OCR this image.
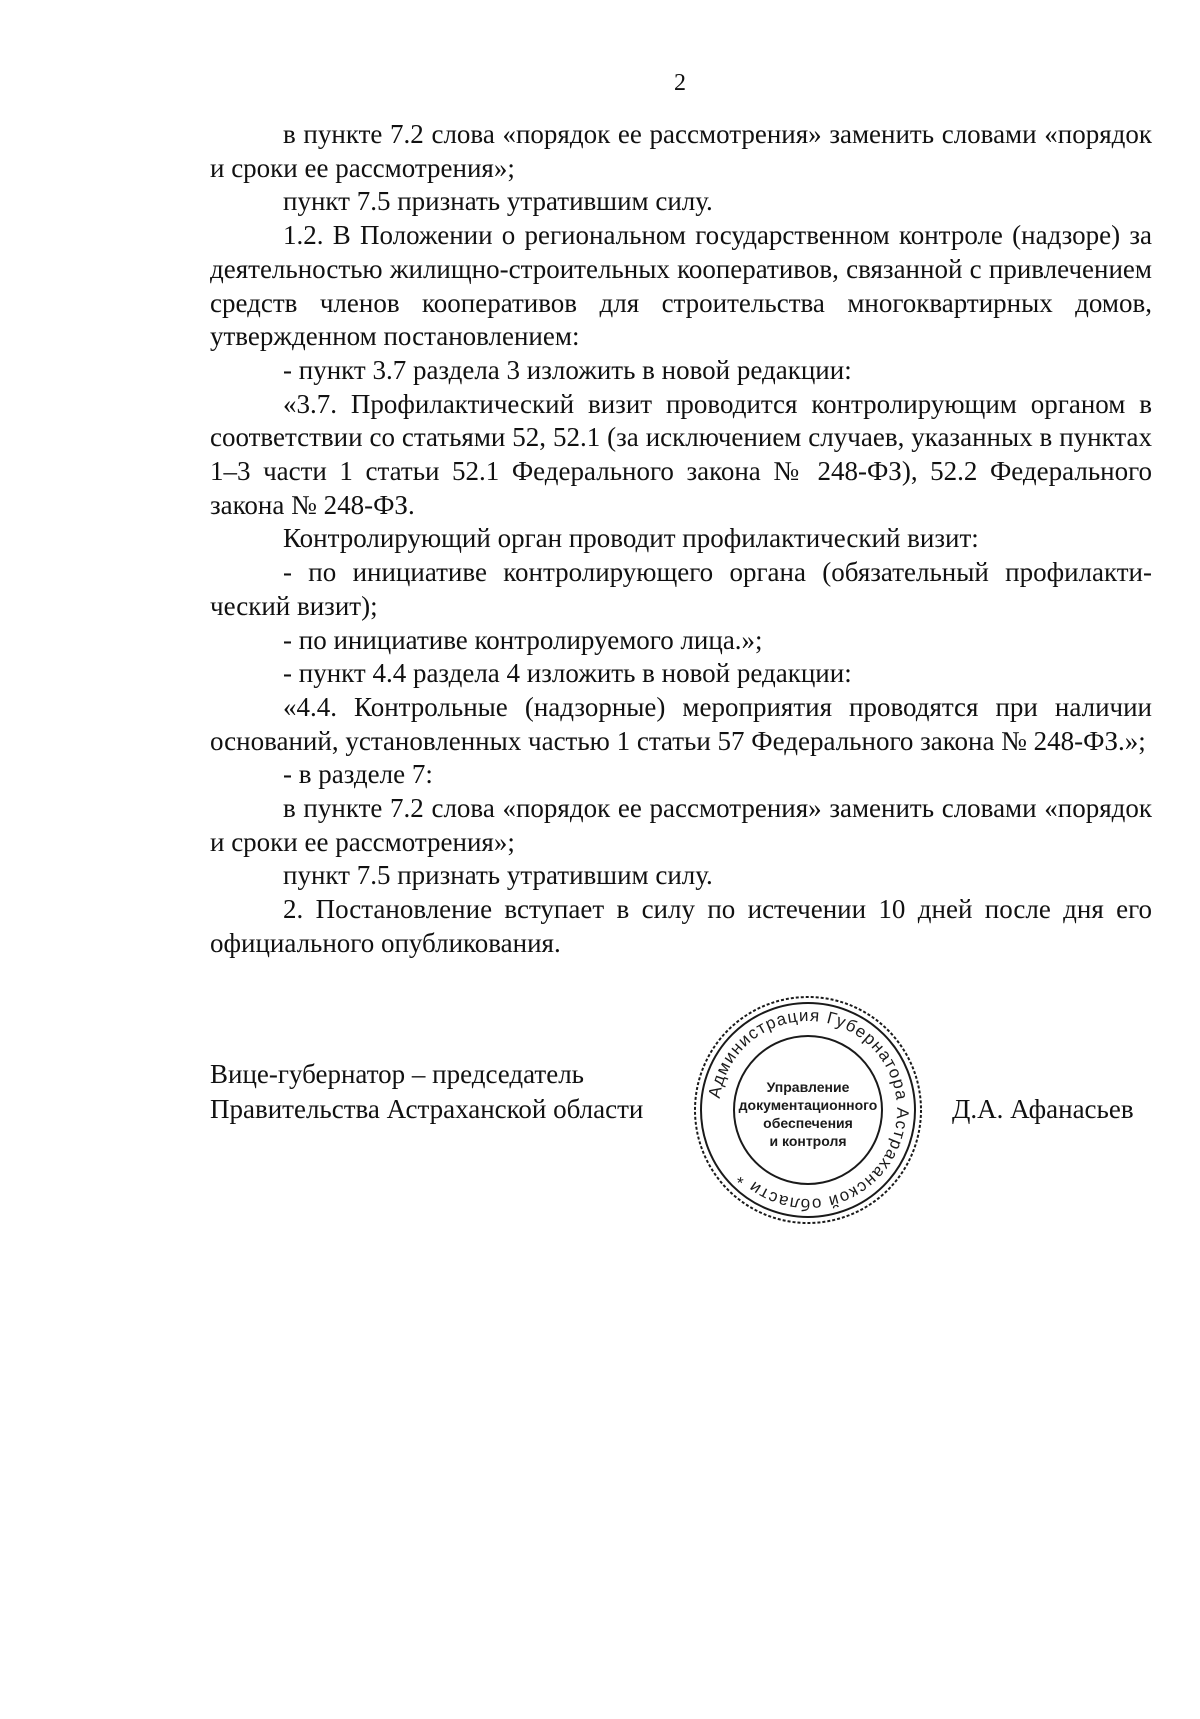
2

в пункте 7.2 слова «порядок ее рассмотрения» заменить словами «порядок и сроки ее рассмотрения»;

пункт 7.5 признать утратившим силу.

1.2. В Положении о региональном государственном контроле (надзоре) за деятельностью жилищно-строительных кооперативов, связанной с привлечением средств членов кооперативов для строительства многоквартирных домов, утвержденном постановлением:

- пункт 3.7 раздела 3 изложить в новой редакции:

«3.7. Профилактический визит проводится контролирующим органом в соответствии со статьями 52, 52.1 (за исключением случаев, указанных в пунктах 1–3 части 1 статьи 52.1 Федерального закона № 248-ФЗ), 52.2 Федерального закона № 248-ФЗ.

Контролирующий орган проводит профилактический визит:

- по инициативе контролирующего органа (обязательный профилактический визит);

- по инициативе контролируемого лица.»;

- пункт 4.4 раздела 4 изложить в новой редакции:

«4.4. Контрольные (надзорные) мероприятия проводятся при наличии оснований, установленных частью 1 статьи 57 Федерального закона № 248-ФЗ.»;

- в разделе 7:

в пункте 7.2 слова «порядок ее рассмотрения» заменить словами «порядок и сроки ее рассмотрения»;

пункт 7.5 признать утратившим силу.

2. Постановление вступает в силу по истечении 10 дней после дня его официального опубликования.

Вице-губернатор – председатель
Правительства Астраханской области
Администрация Губернатора Астраханской области *
Управление
документационного
обеспечения
и контроля
Д.А. Афанасьев
